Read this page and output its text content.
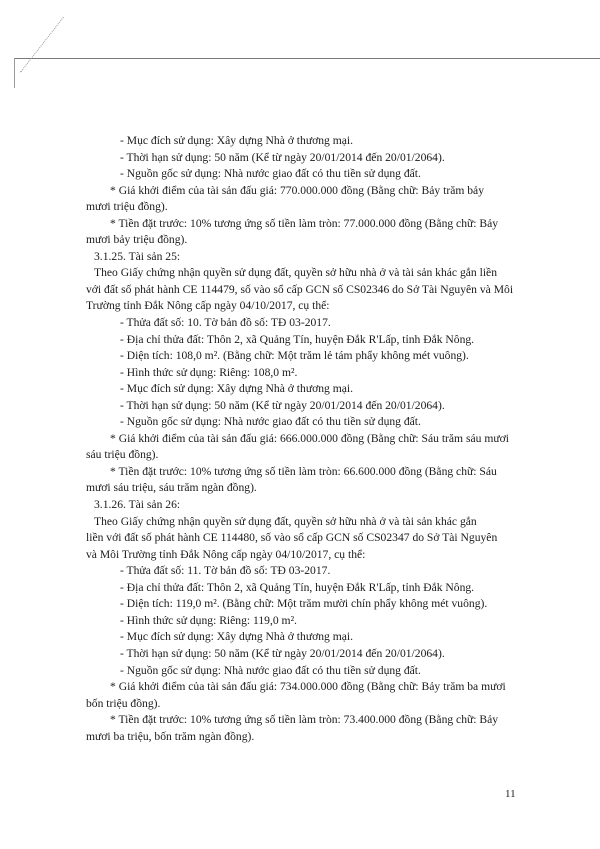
- Mục đích sử dụng: Xây dựng Nhà ở thương mại.
- Thời hạn sử dụng: 50 năm (Kể từ ngày 20/01/2014 đến 20/01/2064).
- Nguồn gốc sử dụng: Nhà nước giao đất có thu tiền sử dụng đất.
* Giá khởi điểm của tài sản đấu giá: 770.000.000 đồng (Bằng chữ: Bảy trăm bảy
mươi triệu đồng).
* Tiền đặt trước: 10% tương ứng số tiền làm tròn: 77.000.000 đồng (Bằng chữ: Bảy
mươi bảy triệu đồng).
3.1.25. Tài sản 25:
Theo Giấy chứng nhận quyền sử dụng đất, quyền sở hữu nhà ở và tài sản khác gắn liền
với đất số phát hành CE 114479, số vào sổ cấp GCN số CS02346 do Sở Tài Nguyên và Môi
Trường tỉnh Đắk Nông cấp ngày 04/10/2017, cụ thể:
- Thửa đất số: 10. Tờ bản đồ số: TĐ 03-2017.
- Địa chỉ thửa đất: Thôn 2, xã Quảng Tín, huyện Đắk R'Lấp, tỉnh Đắk Nông.
- Diện tích: 108,0 m². (Bằng chữ: Một trăm lẻ tám phẩy không mét vuông).
- Hình thức sử dụng: Riêng: 108,0 m².
- Mục đích sử dụng: Xây dựng Nhà ở thương mại.
- Thời hạn sử dụng: 50 năm (Kể từ ngày 20/01/2014 đến 20/01/2064).
- Nguồn gốc sử dụng: Nhà nước giao đất có thu tiền sử dụng đất.
* Giá khởi điểm của tài sản đấu giá: 666.000.000 đồng (Bằng chữ: Sáu trăm sáu mươi
sáu triệu đồng).
* Tiền đặt trước: 10% tương ứng số tiền làm tròn: 66.600.000 đồng (Bằng chữ: Sáu
mươi sáu triệu, sáu trăm ngàn đồng).
3.1.26. Tài sản 26:
Theo Giấy chứng nhận quyền sử dụng đất, quyền sở hữu nhà ở và tài sản khác gắn
liền với đất số phát hành CE 114480, số vào sổ cấp GCN số CS02347 do Sở Tài Nguyên
và Môi Trường tỉnh Đắk Nông cấp ngày 04/10/2017, cụ thể:
- Thửa đất số: 11. Tờ bản đồ số: TĐ 03-2017.
- Địa chỉ thửa đất: Thôn 2, xã Quảng Tín, huyện Đắk R'Lấp, tỉnh Đắk Nông.
- Diện tích: 119,0 m². (Bằng chữ: Một trăm mười chín phẩy không mét vuông).
- Hình thức sử dụng: Riêng: 119,0 m².
- Mục đích sử dụng: Xây dựng Nhà ở thương mại.
- Thời hạn sử dụng: 50 năm (Kể từ ngày 20/01/2014 đến 20/01/2064).
- Nguồn gốc sử dụng: Nhà nước giao đất có thu tiền sử dụng đất.
* Giá khởi điểm của tài sản đấu giá: 734.000.000 đồng (Bằng chữ: Bảy trăm ba mươi
bốn triệu đồng).
* Tiền đặt trước: 10% tương ứng số tiền làm tròn: 73.400.000 đồng (Bằng chữ: Bảy
mươi ba triệu, bốn trăm ngàn đồng).
11
